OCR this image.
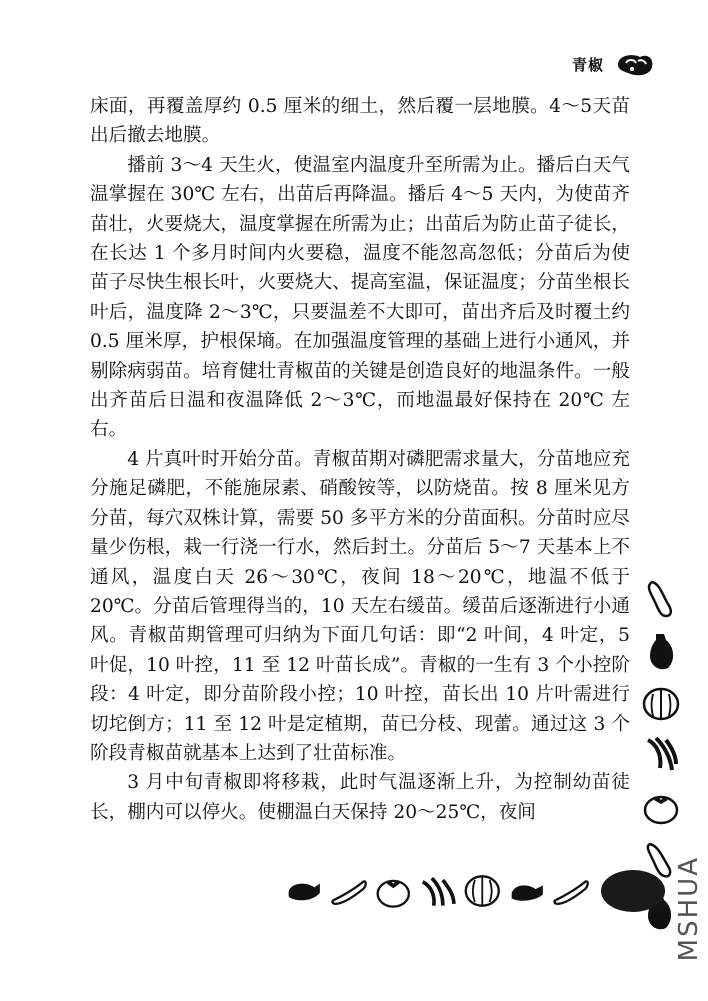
青椒

床面，再覆盖厚约 0.5 厘米的细土，然后覆一层地膜。4～5天苗出后撤去地膜。

播前 3～4 天生火，使温室内温度升至所需为止。播后白天气温掌握在 30℃ 左右，出苗后再降温。播后 4～5 天内，为使苗齐苗壮，火要烧大，温度掌握在所需为止；出苗后为防止苗子徒长，在长达 1 个多月时间内火要稳，温度不能忽高忽低；分苗后为使苗子尽快生根长叶，火要烧大、提高室温，保证温度；分苗坐根长叶后，温度降 2～3℃，只要温差不大即可，苗出齐后及时覆土约 0.5 厘米厚，护根保墒。在加强温度管理的基础上进行小通风，并剔除病弱苗。培育健壮青椒苗的关键是创造良好的地温条件。一般出齐苗后日温和夜温降低 2～3℃，而地温最好保持在 20℃ 左右。

4 片真叶时开始分苗。青椒苗期对磷肥需求量大，分苗地应充分施足磷肥，不能施尿素、硝酸铵等，以防烧苗。按 8 厘米见方分苗，每穴双株计算，需要 50 多平方米的分苗面积。分苗时应尽量少伤根，栽一行浇一行水，然后封土。分苗后 5～7 天基本上不通风，温度白天 26～30℃，夜间 18～20℃，地温不低于 20℃。分苗后管理得当的，10 天左右缓苗。缓苗后逐渐进行小通风。青椒苗期管理可归纳为下面几句话：即“2 叶间，4 叶定，5 叶促，10 叶控，11 至 12 叶苗长成”。青椒的一生有 3 个小控阶段：4 叶定，即分苗阶段小控；10 叶控，苗长出 10 片叶需进行切坨倒方；11 至 12 叶是定植期，苗已分枝、现蕾。通过这 3 个阶段青椒苗就基本上达到了壮苗标准。

3 月中旬青椒即将移栽，此时气温逐渐上升，为控制幼苗徒长，棚内可以停火。使棚温白天保持 20～25℃，夜间

MSHUA
